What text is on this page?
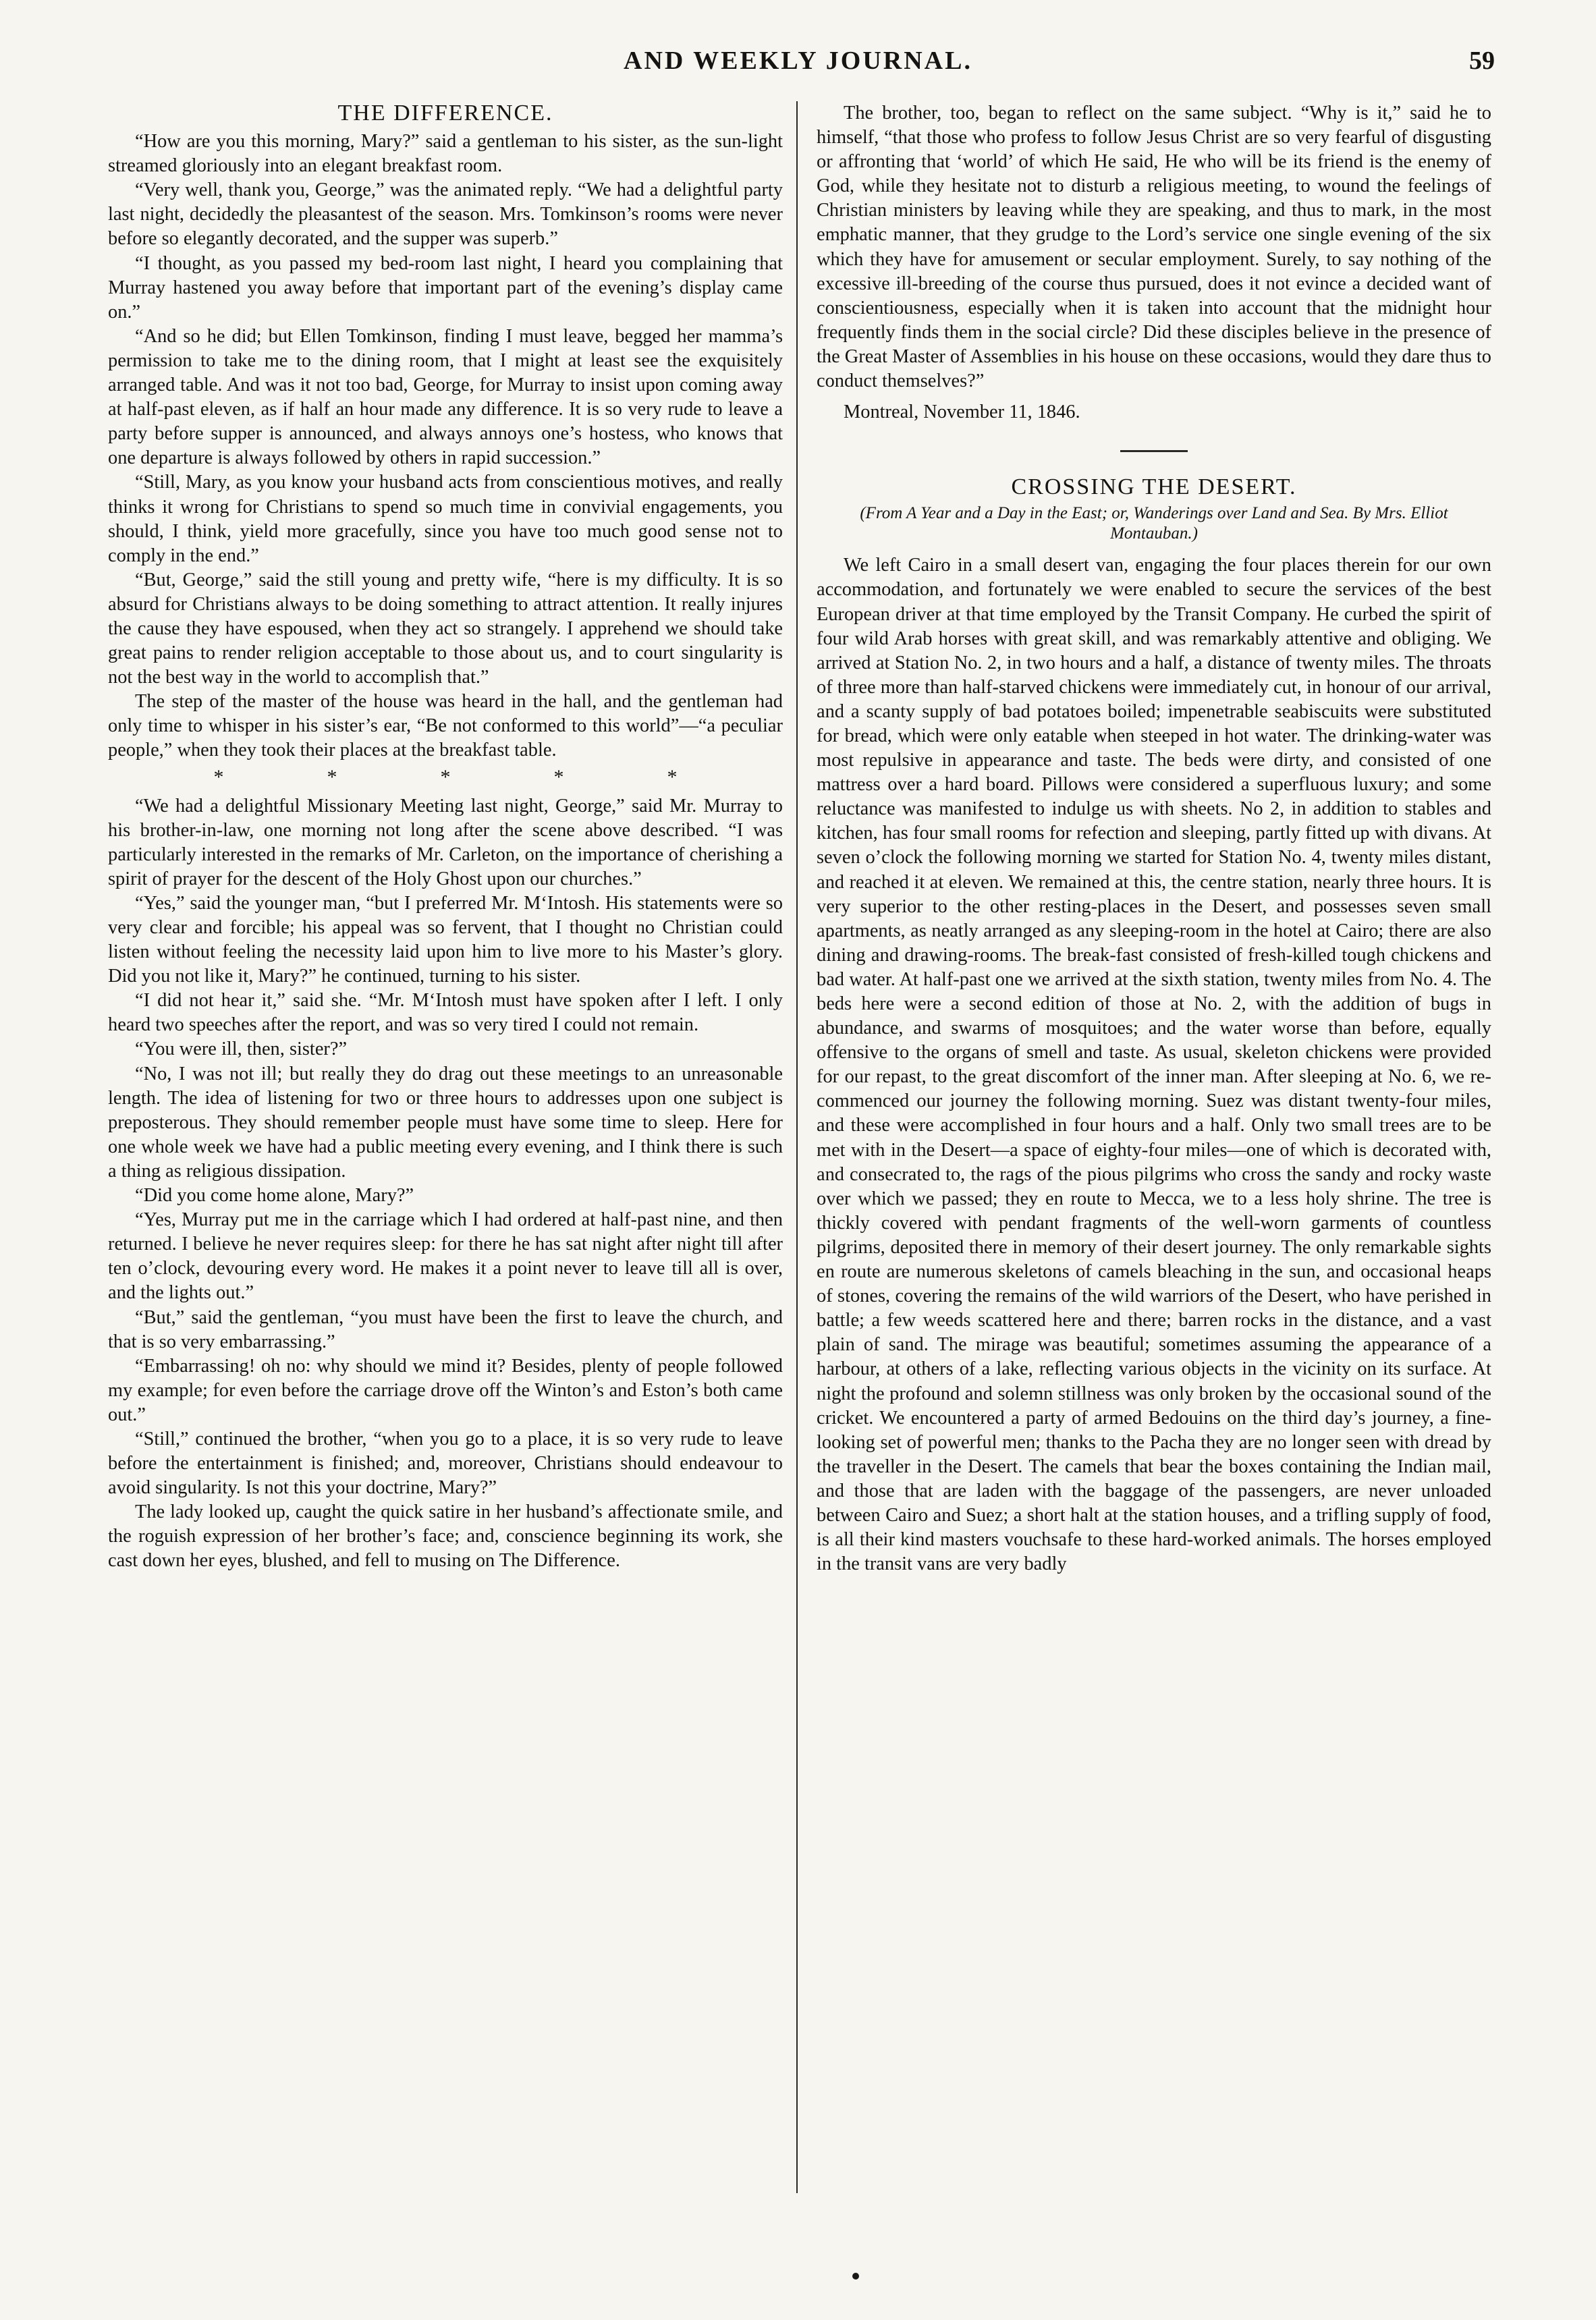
AND WEEKLY JOURNAL.	59
THE DIFFERENCE.

“How are you this morning, Mary?” said a gentleman to his sister, as the sun-light streamed gloriously into an elegant breakfast room.

“Very well, thank you, George,” was the animated reply. “We had a delightful party last night, decidedly the pleasantest of the season. Mrs. Tomkinson’s rooms were never before so elegantly decorated, and the supper was superb.”

“I thought, as you passed my bed-room last night, I heard you complaining that Murray hastened you away before that important part of the evening’s display came on.”

“And so he did; but Ellen Tomkinson, finding I must leave, begged her mamma’s permission to take me to the dining room, that I might at least see the exquisitely arranged table. And was it not too bad, George, for Murray to insist upon coming away at half-past eleven, as if half an hour made any difference. It is so very rude to leave a party before supper is announced, and always annoys one’s hostess, who knows that one departure is always followed by others in rapid succession.”

“Still, Mary, as you know your husband acts from conscientious motives, and really thinks it wrong for Christians to spend so much time in convivial engagements, you should, I think, yield more gracefully, since you have too much good sense not to comply in the end.”

“But, George,” said the still young and pretty wife, “here is my difficulty. It is so absurd for Christians always to be doing something to attract attention. It really injures the cause they have espoused, when they act so strangely. I apprehend we should take great pains to render religion acceptable to those about us, and to court singularity is not the best way in the world to accomplish that.”

The step of the master of the house was heard in the hall, and the gentleman had only time to whisper in his sister’s ear, “Be not conformed to this world”—“a peculiar people,” when they took their places at the breakfast table.

*	*	*	*	*

“We had a delightful Missionary Meeting last night, George,” said Mr. Murray to his brother-in-law, one morning not long after the scene above described. “I was particularly interested in the remarks of Mr. Carleton, on the importance of cherishing a spirit of prayer for the descent of the Holy Ghost upon our churches.”

“Yes,” said the younger man, “but I preferred Mr. M‘Intosh. His statements were so very clear and forcible; his appeal was so fervent, that I thought no Christian could listen without feeling the necessity laid upon him to live more to his Master’s glory. Did you not like it, Mary?” he continued, turning to his sister.

“I did not hear it,” said she. “Mr. M‘Intosh must have spoken after I left. I only heard two speeches after the report, and was so very tired I could not remain.

“You were ill, then, sister?”

“No, I was not ill; but really they do drag out these meetings to an unreasonable length. The idea of listening for two or three hours to addresses upon one subject is preposterous. They should remember people must have some time to sleep. Here for one whole week we have had a public meeting every evening, and I think there is such a thing as religious dissipation.

“Did you come home alone, Mary?”

“Yes, Murray put me in the carriage which I had ordered at half-past nine, and then returned. I believe he never requires sleep: for there he has sat night after night till after ten o’clock, devouring every word. He makes it a point never to leave till all is over, and the lights out.”

“But,” said the gentleman, “you must have been the first to leave the church, and that is so very embarrassing.”

“Embarrassing! oh no: why should we mind it? Besides, plenty of people followed my example; for even before the carriage drove off the Winton’s and Eston’s both came out.”

“Still,” continued the brother, “when you go to a place, it is so very rude to leave before the entertainment is finished; and, moreover, Christians should endeavour to avoid singularity. Is not this your doctrine, Mary?”

The lady looked up, caught the quick satire in her husband’s affectionate smile, and the roguish expression of her brother’s face; and, conscience beginning its work, she cast down her eyes, blushed, and fell to musing on The Difference.

The brother, too, began to reflect on the same subject. “Why is it,” said he to himself, “that those who profess to follow Jesus Christ are so very fearful of disgusting or affronting that ‘world’ of which He said, He who will be its friend is the enemy of God, while they hesitate not to disturb a religious meeting, to wound the feelings of Christian ministers by leaving while they are speaking, and thus to mark, in the most emphatic manner, that they grudge to the Lord’s service one single evening of the six which they have for amusement or secular employment. Surely, to say nothing of the excessive ill-breeding of the course thus pursued, does it not evince a decided want of conscientiousness, especially when it is taken into account that the midnight hour frequently finds them in the social circle? Did these disciples believe in the presence of the Great Master of Assemblies in his house on these occasions, would they dare thus to conduct themselves?”

Montreal, November 11, 1846.

CROSSING THE DESERT.

(From A Year and a Day in the East; or, Wanderings over Land and Sea. By Mrs. Elliot Montauban.)

We left Cairo in a small desert van, engaging the four places therein for our own accommodation, and fortunately we were enabled to secure the services of the best European driver at that time employed by the Transit Company. He curbed the spirit of four wild Arab horses with great skill, and was remarkably attentive and obliging. We arrived at Station No. 2, in two hours and a half, a distance of twenty miles. The throats of three more than half-starved chickens were immediately cut, in honour of our arrival, and a scanty supply of bad potatoes boiled; impenetrable seabiscuits were substituted for bread, which were only eatable when steeped in hot water. The drinking-water was most repulsive in appearance and taste. The beds were dirty, and consisted of one mattress over a hard board. Pillows were considered a superfluous luxury; and some reluctance was manifested to indulge us with sheets. No 2, in addition to stables and kitchen, has four small rooms for refection and sleeping, partly fitted up with divans. At seven o’clock the following morning we started for Station No. 4, twenty miles distant, and reached it at eleven. We remained at this, the centre station, nearly three hours. It is very superior to the other resting-places in the Desert, and possesses seven small apartments, as neatly arranged as any sleeping-room in the hotel at Cairo; there are also dining and drawing-rooms. The break-fast consisted of fresh-killed tough chickens and bad water. At half-past one we arrived at the sixth station, twenty miles from No. 4. The beds here were a second edition of those at No. 2, with the addition of bugs in abundance, and swarms of mosquitoes; and the water worse than before, equally offensive to the organs of smell and taste. As usual, skeleton chickens were provided for our repast, to the great discomfort of the inner man. After sleeping at No. 6, we re-commenced our journey the following morning. Suez was distant twenty-four miles, and these were accomplished in four hours and a half. Only two small trees are to be met with in the Desert—a space of eighty-four miles—one of which is decorated with, and consecrated to, the rags of the pious pilgrims who cross the sandy and rocky waste over which we passed; they en route to Mecca, we to a less holy shrine. The tree is thickly covered with pendant fragments of the well-worn garments of countless pilgrims, deposited there in memory of their desert journey. The only remarkable sights en route are numerous skeletons of camels bleaching in the sun, and occasional heaps of stones, covering the remains of the wild warriors of the Desert, who have perished in battle; a few weeds scattered here and there; barren rocks in the distance, and a vast plain of sand. The mirage was beautiful; sometimes assuming the appearance of a harbour, at others of a lake, reflecting various objects in the vicinity on its surface. At night the profound and solemn stillness was only broken by the occasional sound of the cricket. We encountered a party of armed Bedouins on the third day’s journey, a fine-looking set of powerful men; thanks to the Pacha they are no longer seen with dread by the traveller in the Desert. The camels that bear the boxes containing the Indian mail, and those that are laden with the baggage of the passengers, are never unloaded between Cairo and Suez; a short halt at the station houses, and a trifling supply of food, is all their kind masters vouchsafe to these hard-worked animals. The horses employed in the transit vans are very badly
